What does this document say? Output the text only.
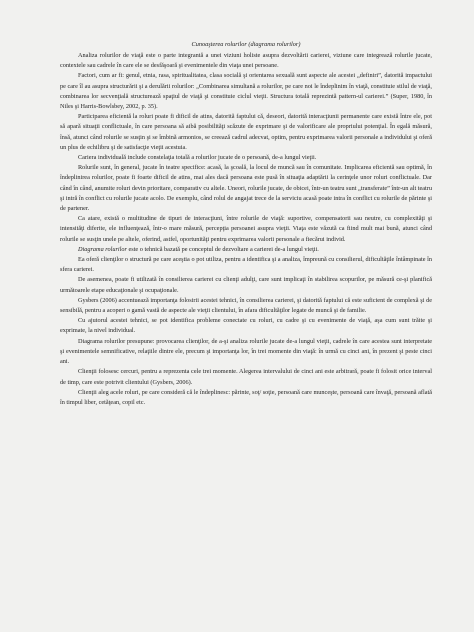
Cunoaşterea rolurilor (diagrama rolurilor)

Analiza rolurilor de viaţă este o parte integrantă a unei viziuni holiste asupra dezvoltării carierei, viziune care integrează rolurile jucate, contextele sau cadrele în care ele se desfăşoară şi evenimentele din viaţa unei persoane.

Factori, cum ar fi: genul, etnia, rasa, spiritualitatea, clasa socială şi orientarea sexuală sunt aspecte ale acestei „definiri”, datorită impactului pe care îl au asupra structurării şi a derulării rolurilor: „Combinarea simultană a rolurilor, pe care noi le îndeplinim în viaţă, constituie stilul de viaţă, combinarea lor secvenţială structurează spaţiul de viaţă şi constituie ciclul vieţii. Structura totală reprezintă pattern-ul carierei.” (Super, 1980, în Niles şi Harris-Bowlsbey, 2002, p. 35).

Participarea eficientă la roluri poate fi dificil de atins, datorită faptului că, deseori, datorită interacţiunii permanente care există între ele, pot să apară situaţii conflictuale, în care persoana să aibă posibilităţi scăzute de exprimare şi de valorificare ale propriului potenţial. În egală măsură, însă, atunci când rolurile se susţin şi se îmbină armonios, se creează cadrul adecvat, optim, pentru exprimarea valorii personale a individului şi oferă un plus de echilibru şi de satisfacţie vieţii acestuia.

Cariera individuală include constelaţia totală a rolurilor jucate de o persoană, de-a lungul vieţii.

Rolurile sunt, în general, jucate în teatre specifice: acasă, la şcoală, la locul de muncă sau în comunitate. Implicarea eficientă sau optimă, în îndeplinirea rolurilor, poate fi foarte dificil de atins, mai ales dacă persoana este pusă în situaţia adaptării la cerinţele unor roluri conflictuale. Dar când în când, anumite roluri devin prioritare, comparativ cu altele. Uneori, rolurile jucate, de obicei, într-un teatru sunt „transferate” într-un alt teatru şi intră în conflict cu rolurile jucate acolo. De exemplu, când rolul de angajat trece de la serviciu acasă poate intra în conflict cu rolurile de părinte şi de partener.

Ca atare, există o multitudine de tipuri de interacţiuni, între rolurile de viaţă: suportive, compensatorii sau neutre, cu complexităţi şi intensităţi diferite, ele influenţează, într-o mare măsură, percepţia persoanei asupra vieţii. Viaţa este văzută ca fiind mult mai bună, atunci când rolurile se susţin unele pe altele, oferind, astfel, oportunităţi pentru exprimarea valorii personale a fiecărui individ.

Diagrama rolurilor este o tehnică bazată pe conceptul de dezvoltare a carierei de-a lungul vieţii.

Ea oferă clienţilor o structură pe care aceştia o pot utiliza, pentru a identifica şi a analiza, împreună cu consilierul, dificultăţile întâmpinate în sfera carierei.

De asemenea, poate fi utilizată în consilierea carierei cu clienţi adulţi, care sunt implicaţi în stabilirea scopurilor, pe măsură ce-şi planifică următoarele etape educaţionale şi ocupaţionale.

Gysbers (2006) accentuează importanţa folosirii acestei tehnici, în consilierea carierei, şi datorită faptului că este suficient de complexă şi de sensibilă, pentru a acoperi o gamă vastă de aspecte ale vieţii clientului, în afara dificultăţilor legate de muncă şi de familie.

Cu ajutorul acestei tehnici, se pot identifica probleme conectate cu roluri, cu cadre şi cu evenimente de viaţă, aşa cum sunt trăite şi exprimate, la nivel individual.

Diagrama rolurilor presupune: provocarea clienţilor, de a-şi analiza rolurile jucate de-a lungul vieţii, cadrele în care acestea sunt interpretate şi evenimentele semnificative, relaţiile dintre ele, precum şi importanţa lor, în trei momente din viaţă: în urmă cu cinci ani, în prezent şi peste cinci ani.

Clienţii folosesc cercuri, pentru a reprezenta cele trei momente. Alegerea intervalului de cinci ani este arbitrară, poate fi folosit orice interval de timp, care este potrivit clientului (Gysbers, 2006).

Clienţii aleg acele roluri, pe care consideră că le îndeplinesc: părinte, soţ/ soţie, persoană care munceşte, persoană care învaţă, persoană aflată în timpul liber, cetăţean, copil etc.
